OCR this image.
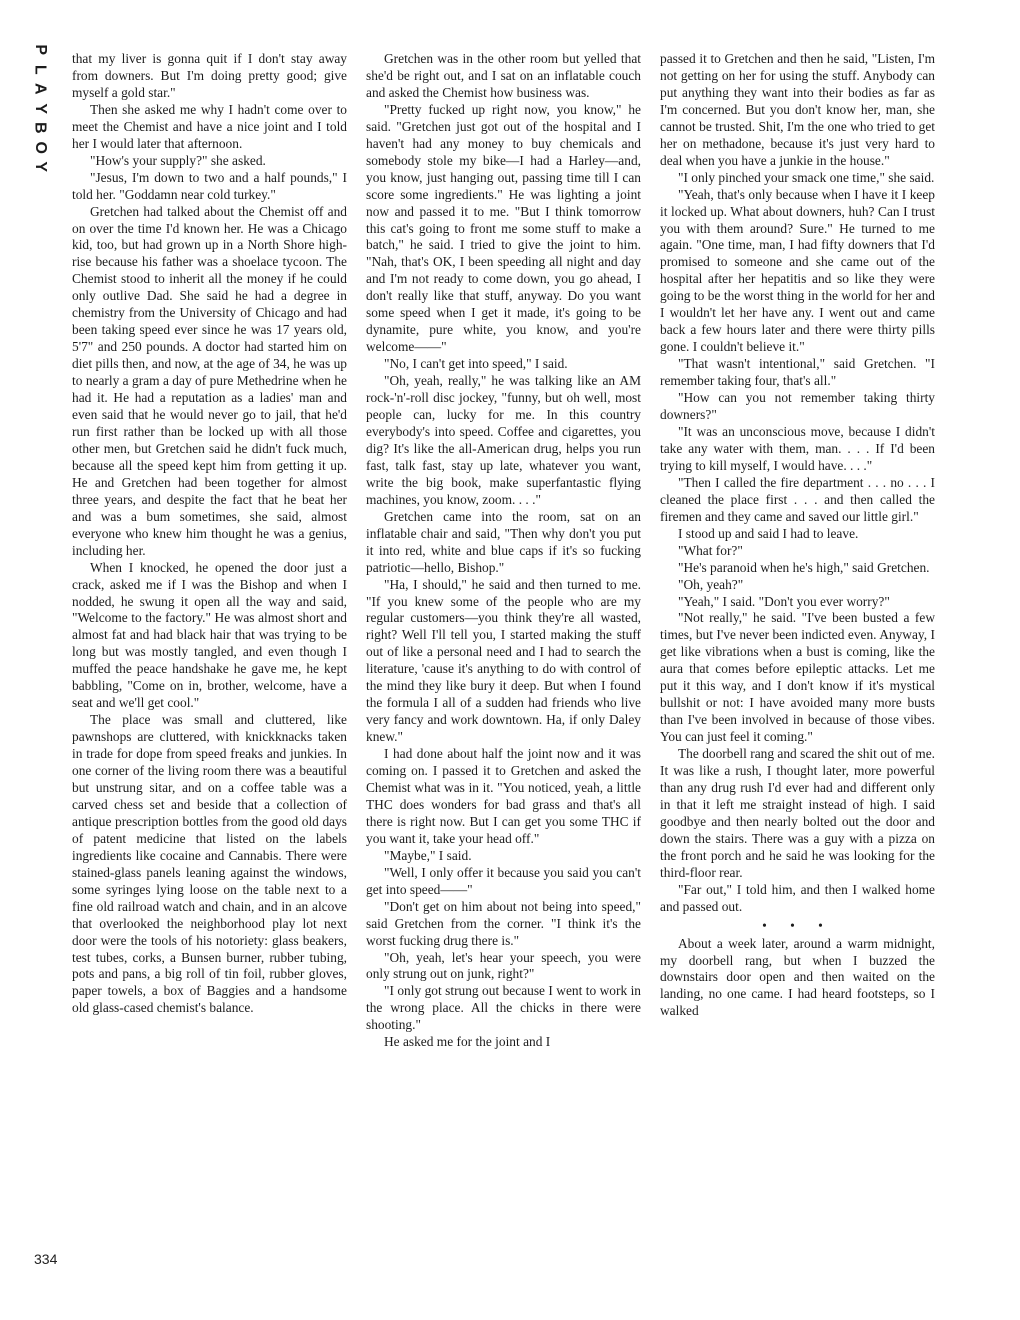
P
L
A
Y
B
O
Y
334

that my liver is gonna quit if I don't stay away from downers. But I'm doing pretty good; give myself a gold star."

Then she asked me why I hadn't come over to meet the Chemist and have a nice joint and I told her I would later that afternoon.

"How's your supply?" she asked.

"Jesus, I'm down to two and a half pounds," I told her. "Goddamn near cold turkey."

Gretchen had talked about the Chemist off and on over the time I'd known her. He was a Chicago kid, too, but had grown up in a North Shore high-rise because his father was a shoelace tycoon. The Chemist stood to inherit all the money if he could only outlive Dad. She said he had a degree in chemistry from the University of Chicago and had been taking speed ever since he was 17 years old, 5'7" and 250 pounds. A doctor had started him on diet pills then, and now, at the age of 34, he was up to nearly a gram a day of pure Methedrine when he had it. He had a reputation as a ladies' man and even said that he would never go to jail, that he'd run first rather than be locked up with all those other men, but Gretchen said he didn't fuck much, because all the speed kept him from getting it up. He and Gretchen had been together for almost three years, and despite the fact that he beat her and was a bum sometimes, she said, almost everyone who knew him thought he was a genius, including her.

When I knocked, he opened the door just a crack, asked me if I was the Bishop and when I nodded, he swung it open all the way and said, "Welcome to the factory." He was almost short and almost fat and had black hair that was trying to be long but was mostly tangled, and even though I muffed the peace handshake he gave me, he kept babbling, "Come on in, brother, welcome, have a seat and we'll get cool."

The place was small and cluttered, like pawnshops are cluttered, with knickknacks taken in trade for dope from speed freaks and junkies. In one corner of the living room there was a beautiful but unstrung sitar, and on a coffee table was a carved chess set and beside that a collection of antique prescription bottles from the good old days of patent medicine that listed on the labels ingredients like cocaine and Cannabis. There were stained-glass panels leaning against the windows, some syringes lying loose on the table next to a fine old railroad watch and chain, and in an alcove that overlooked the neighborhood play lot next door were the tools of his notoriety: glass beakers, test tubes, corks, a Bunsen burner, rubber tubing, pots and pans, a big roll of tin foil, rubber gloves, paper towels, a box of Baggies and a handsome old glass-cased chemist's balance.

Gretchen was in the other room but yelled that she'd be right out, and I sat on an inflatable couch and asked the Chemist how business was.

"Pretty fucked up right now, you know," he said. "Gretchen just got out of the hospital and I haven't had any money to buy chemicals and somebody stole my bike—I had a Harley—and, you know, just hanging out, passing time till I can score some ingredients." He was lighting a joint now and passed it to me. "But I think tomorrow this cat's going to front me some stuff to make a batch," he said. I tried to give the joint to him. "Nah, that's OK, I been speeding all night and day and I'm not ready to come down, you go ahead, I don't really like that stuff, anyway. Do you want some speed when I get it made, it's going to be dynamite, pure white, you know, and you're welcome——"

"No, I can't get into speed," I said.

"Oh, yeah, really," he was talking like an AM rock-'n'-roll disc jockey, "funny, but oh well, most people can, lucky for me. In this country everybody's into speed. Coffee and cigarettes, you dig? It's like the all-American drug, helps you run fast, talk fast, stay up late, whatever you want, write the big book, make superfantastic flying machines, you know, zoom. . . ."

Gretchen came into the room, sat on an inflatable chair and said, "Then why don't you put it into red, white and blue caps if it's so fucking patriotic—hello, Bishop."

"Ha, I should," he said and then turned to me. "If you knew some of the people who are my regular customers—you think they're all wasted, right? Well I'll tell you, I started making the stuff out of like a personal need and I had to search the literature, 'cause it's anything to do with control of the mind they like bury it deep. But when I found the formula I all of a sudden had friends who live very fancy and work downtown. Ha, if only Daley knew."

I had done about half the joint now and it was coming on. I passed it to Gretchen and asked the Chemist what was in it. "You noticed, yeah, a little THC does wonders for bad grass and that's all there is right now. But I can get you some THC if you want it, take your head off."

"Maybe," I said.

"Well, I only offer it because you said you can't get into speed——"

"Don't get on him about not being into speed," said Gretchen from the corner. "I think it's the worst fucking drug there is."

"Oh, yeah, let's hear your speech, you were only strung out on junk, right?"

"I only got strung out because I went to work in the wrong place. All the chicks in there were shooting."

He asked me for the joint and I

passed it to Gretchen and then he said, "Listen, I'm not getting on her for using the stuff. Anybody can put anything they want into their bodies as far as I'm concerned. But you don't know her, man, she cannot be trusted. Shit, I'm the one who tried to get her on methadone, because it's just very hard to deal when you have a junkie in the house."

"I only pinched your smack one time," she said.

"Yeah, that's only because when I have it I keep it locked up. What about downers, huh? Can I trust you with them around? Sure." He turned to me again. "One time, man, I had fifty downers that I'd promised to someone and she came out of the hospital after her hepatitis and so like they were going to be the worst thing in the world for her and I wouldn't let her have any. I went out and came back a few hours later and there were thirty pills gone. I couldn't believe it."

"That wasn't intentional," said Gretchen. "I remember taking four, that's all."

"How can you not remember taking thirty downers?"

"It was an unconscious move, because I didn't take any water with them, man. . . . If I'd been trying to kill myself, I would have. . . ."

"Then I called the fire department . . . no . . . I cleaned the place first . . . and then called the firemen and they came and saved our little girl."

I stood up and said I had to leave.

"What for?"

"He's paranoid when he's high," said Gretchen.

"Oh, yeah?"

"Yeah," I said. "Don't you ever worry?"

"Not really," he said. "I've been busted a few times, but I've never been indicted even. Anyway, I get like vibrations when a bust is coming, like the aura that comes before epileptic attacks. Let me put it this way, and I don't know if it's mystical bullshit or not: I have avoided many more busts than I've been involved in because of those vibes. You can just feel it coming."

The doorbell rang and scared the shit out of me. It was like a rush, I thought later, more powerful than any drug rush I'd ever had and different only in that it left me straight instead of high. I said goodbye and then nearly bolted out the door and down the stairs. There was a guy with a pizza on the front porch and he said he was looking for the third-floor rear.

"Far out," I told him, and then I walked home and passed out.

• • •

About a week later, around a warm midnight, my doorbell rang, but when I buzzed the downstairs door open and then waited on the landing, no one came. I had heard footsteps, so I walked
